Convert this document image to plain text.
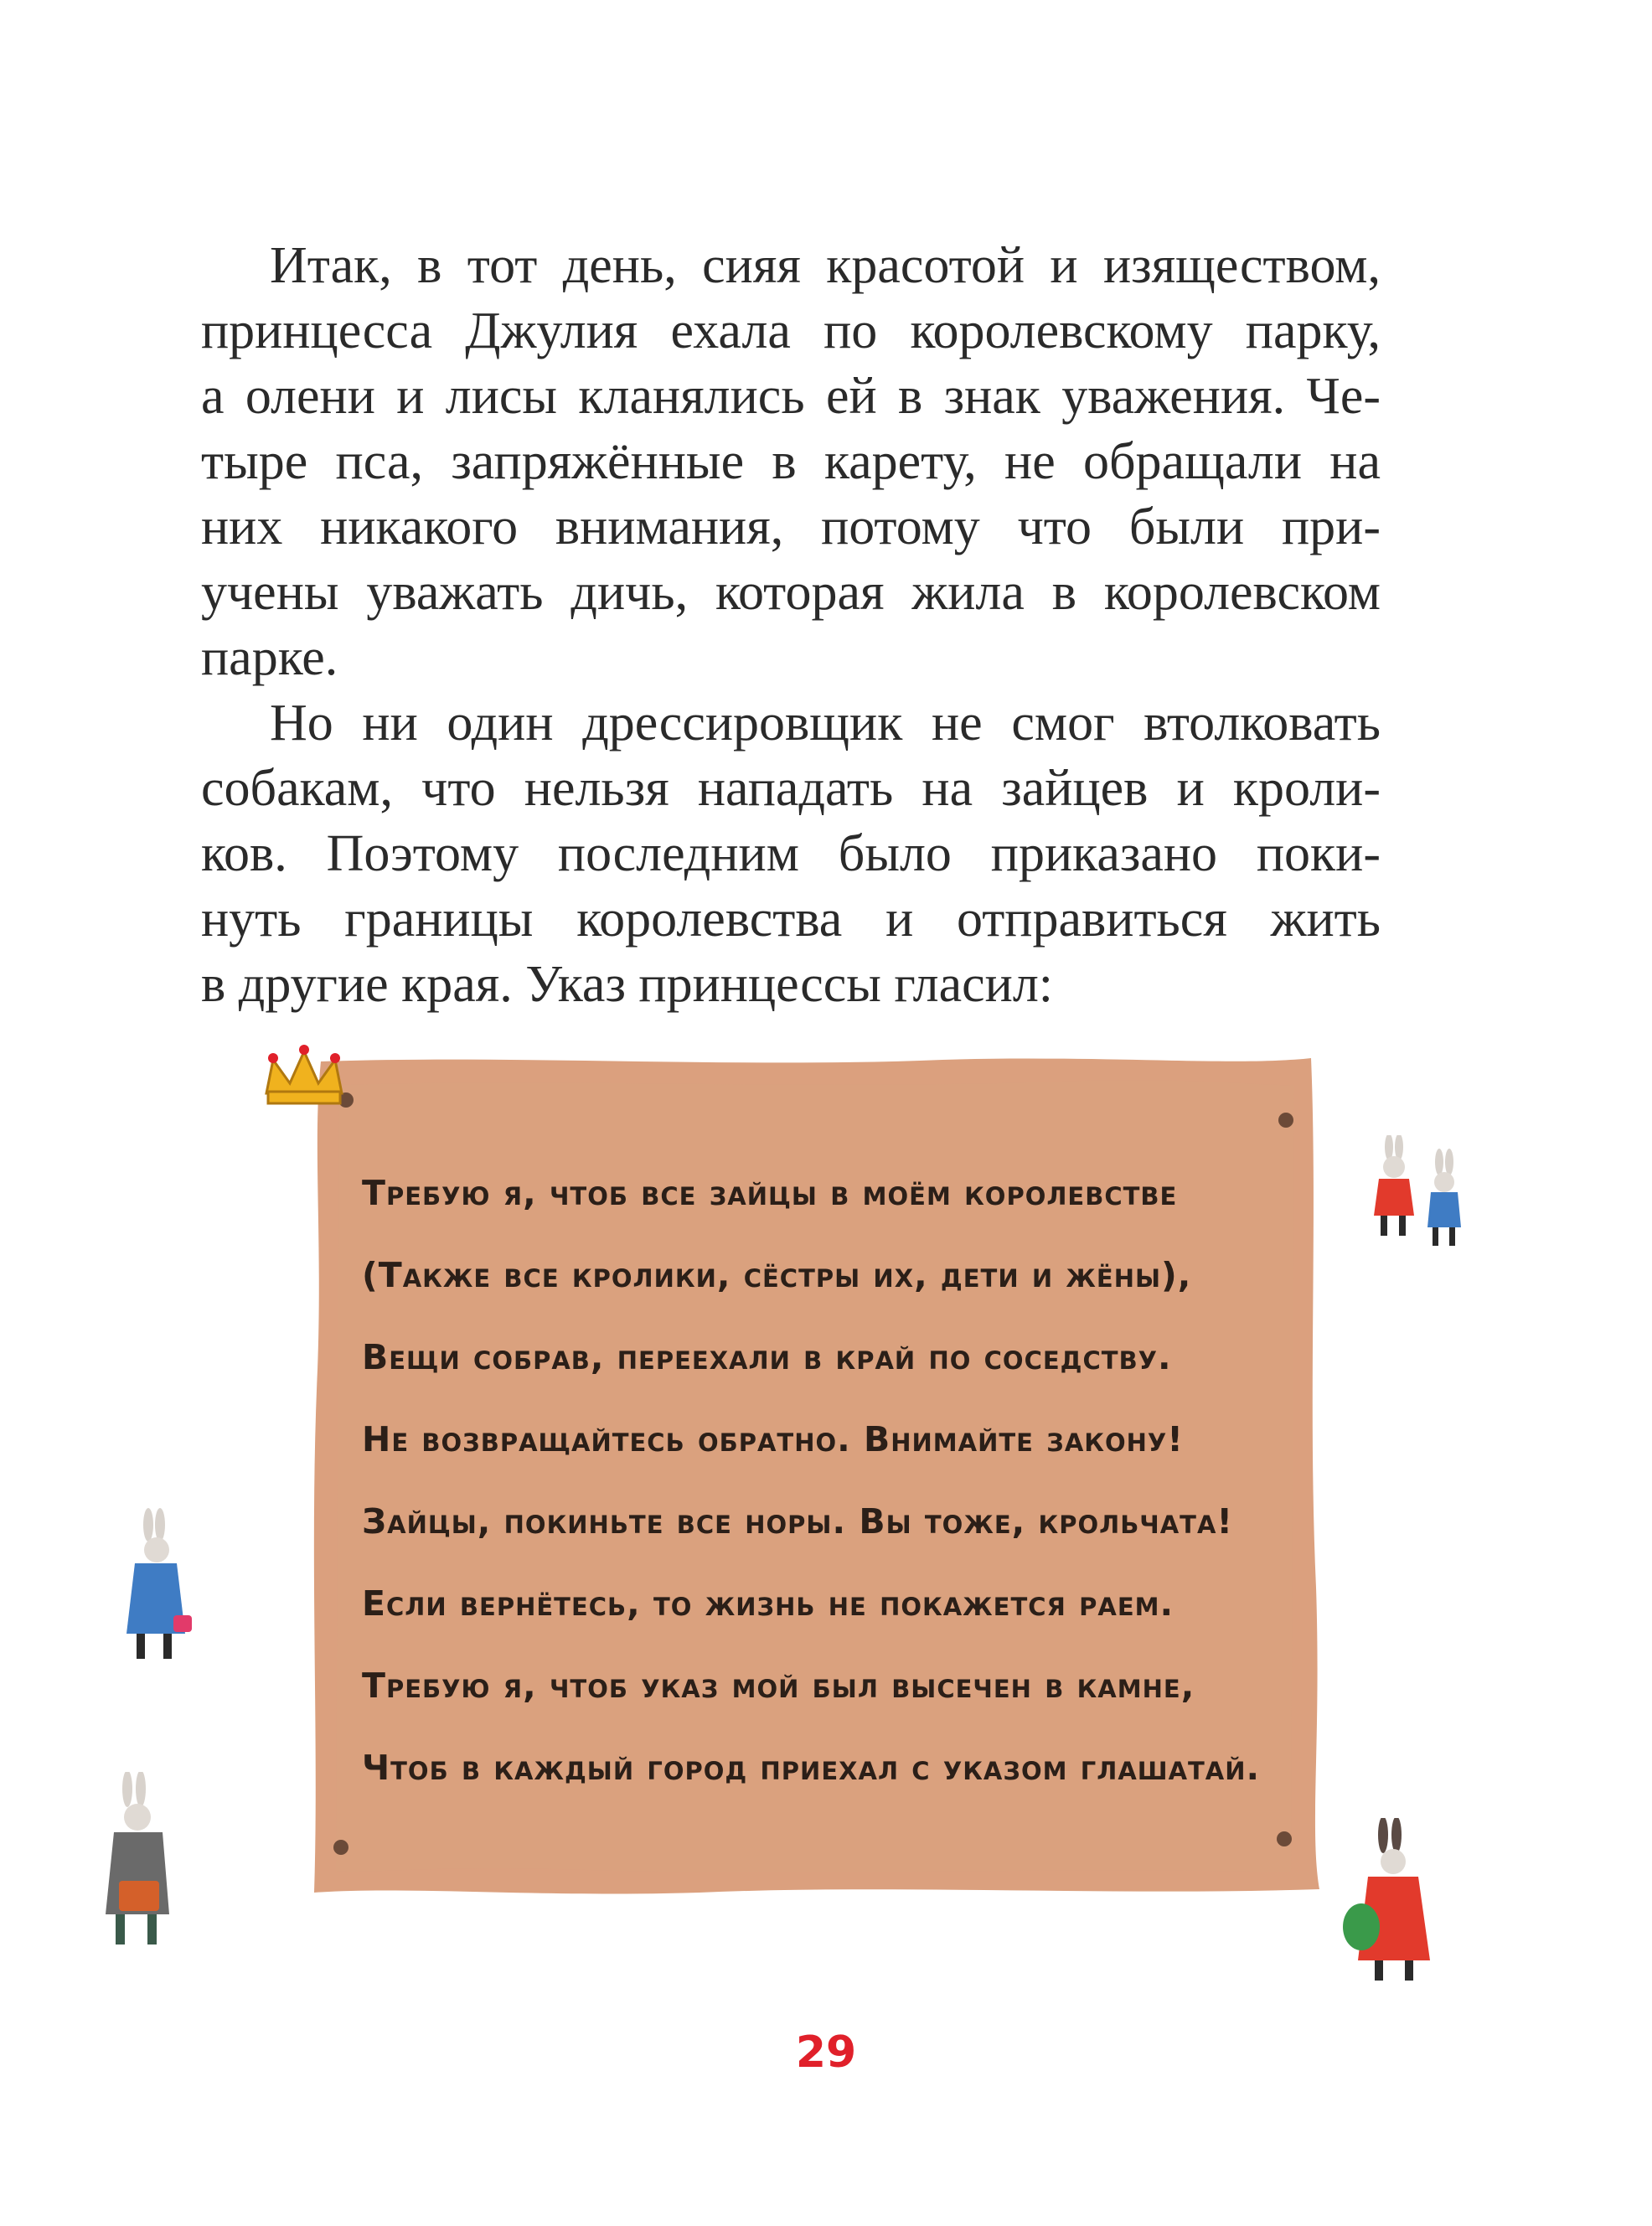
Итак, в тот день, сияя красотой и изяществом,
принцесса Джулия ехала по королевскому парку,
а олени и лисы кланялись ей в знак уважения. Че-
тыре пса, запряжённые в карету, не обращали на
них никакого внимания, потому что были при-
учены уважать дичь, которая жила в королевском
парке.
Но ни один дрессировщик не смог втолковать
собакам, что нельзя нападать на зайцев и кроли-
ков. Поэтому последним было приказано поки-
нуть границы королевства и отправиться жить
в другие края. Указ принцессы гласил:
Требую я, чтоб все зайцы в моём королевстве
(Также все кролики, сёстры их, дети и жёны),
Вещи собрав, переехали в край по соседству.
Не возвращайтесь обратно. Внимайте закону!
Зайцы, покиньте все норы. Вы тоже, крольчата!
Если вернётесь, то жизнь не покажется раем.
Требую я, чтоб указ мой был высечен в камне,
Чтоб в каждый город приехал с указом глашатай.
29
